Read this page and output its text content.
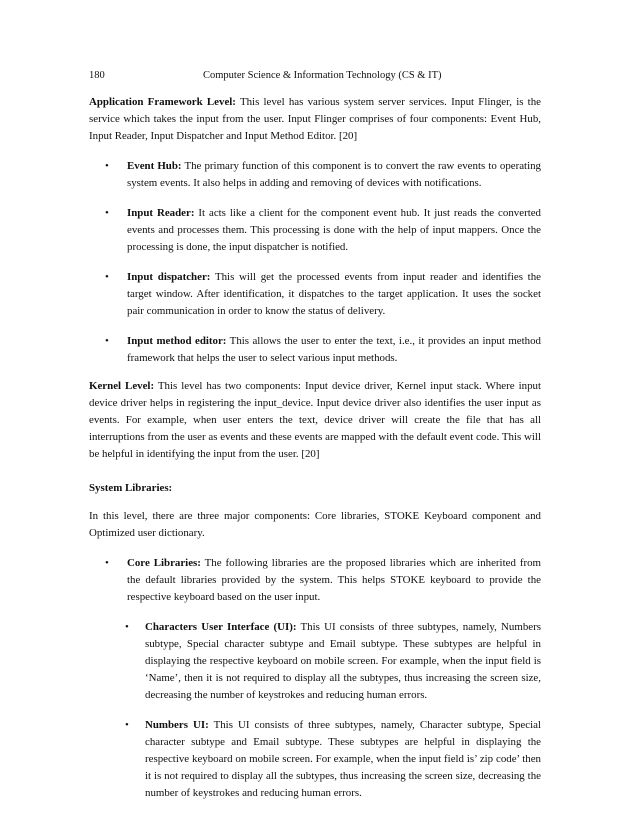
180	Computer Science & Information Technology (CS & IT)

Application Framework Level: This level has various system server services. Input Flinger, is the service which takes the input from the user. Input Flinger comprises of four components: Event Hub, Input Reader, Input Dispatcher and Input Method Editor. [20]

• Event Hub: The primary function of this component is to convert the raw events to operating system events. It also helps in adding and removing of devices with notifications.
• Input Reader: It acts like a client for the component event hub. It just reads the converted events and processes them. This processing is done with the help of input mappers. Once the processing is done, the input dispatcher is notified.
• Input dispatcher: This will get the processed events from input reader and identifies the target window. After identification, it dispatches to the target application. It uses the socket pair communication in order to know the status of delivery.
• Input method editor: This allows the user to enter the text, i.e., it provides an input method framework that helps the user to select various input methods.

Kernel Level: This level has two components: Input device driver, Kernel input stack. Where input device driver helps in registering the input_device. Input device driver also identifies the user input as events. For example, when user enters the text, device driver will create the file that has all interruptions from the user as events and these events are mapped with the default event code. This will be helpful in identifying the input from the user. [20]

System Libraries:

In this level, there are three major components: Core libraries, STOKE Keyboard component and Optimized user dictionary.

• Core Libraries: The following libraries are the proposed libraries which are inherited from the default libraries provided by the system. This helps STOKE keyboard to provide the respective keyboard based on the user input.
• Characters User Interface (UI): This UI consists of three subtypes, namely, Numbers subtype, Special character subtype and Email subtype. These subtypes are helpful in displaying the respective keyboard on mobile screen. For example, when the input field is ‘Name’, then it is not required to display all the subtypes, thus increasing the screen size, decreasing the number of keystrokes and reducing human errors.
• Numbers UI: This UI consists of three subtypes, namely, Character subtype, Special character subtype and Email subtype. These subtypes are helpful in displaying the respective keyboard on mobile screen. For example, when the input field is’ zip code’ then it is not required to display all the subtypes, thus increasing the screen size, decreasing the number of keystrokes and reducing human errors.
